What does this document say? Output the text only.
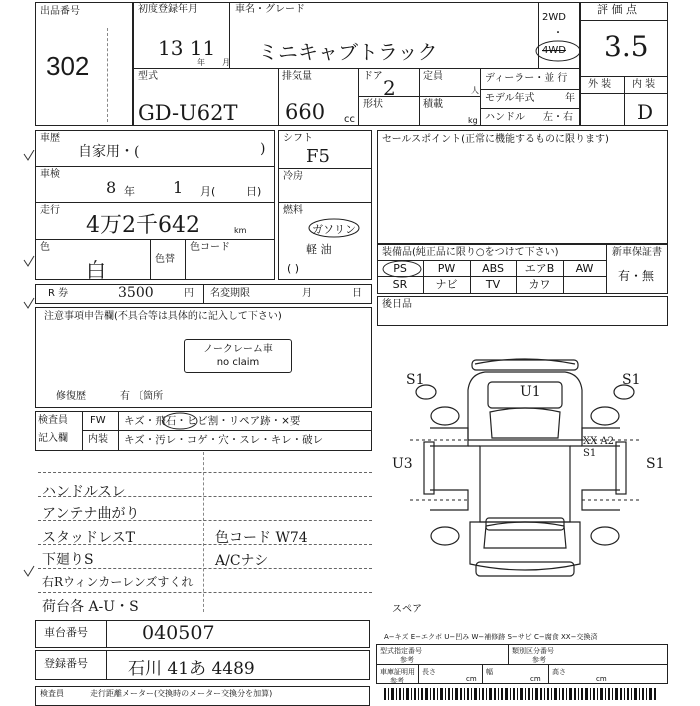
出品番号
302
初度登録年月
13 11
年 月
車名・グレード
ミニキャブトラック
2WD
・
4WD
型式
GD-U62T
排気量
660 cc
ドア 2	定員
人
形状	積載
kg
ディーラー・並 行
モデル年式	年
ハンドル 左・右
評 価 点
3.5
外 装 内 装
D
車歴
自家用・(	)
車検
8 年 1 月(	日)
走行
4万2千642	km
色
白	色替
色コード
シフト
F5
冷房
燃料
ガソリン
軽 油
( )
セールスポイント(正常に機能するものに限ります)
装備品(純正品に限り○をつけて下さい)	新車保証書
有・無
PS	PW	ABS	エアB	AW
SR	ナビ	TV	カワ
後日品
R 券	3500	円 名変期限	月	日
注意事項申告欄(不具合等は具体的に記入して下さい)
ノークレーム車
no claim
修復歴	有 〔箇所
検査員
記入欄
FW キズ・飛石・ヒビ割・リペア跡・×要
内装 キズ・汚レ・コゲ・穴・スレ・キレ・破レ
ハンドルスレ
アンテナ曲がり
スタッドレスT
下廻りS
右Rウィンカーレンズすくれ
荷台各 A-U・S
色コード W74
A/Cナシ
S1
U1
S1
XX A2 S1
U3	S1
スペア
車台番号	040507
登録番号 石川 41あ 4489
A−キズ E−エクボ U−凹み W−補修跡 S−サビ C−腐食 XX−交換済
型式指定番号
参考
類別区分番号
参考
車庫証明用
参考
長さ
cm
幅
cm
高さ
cm
検査員	走行距離メーター(交換時のメーター交換分を加算)
